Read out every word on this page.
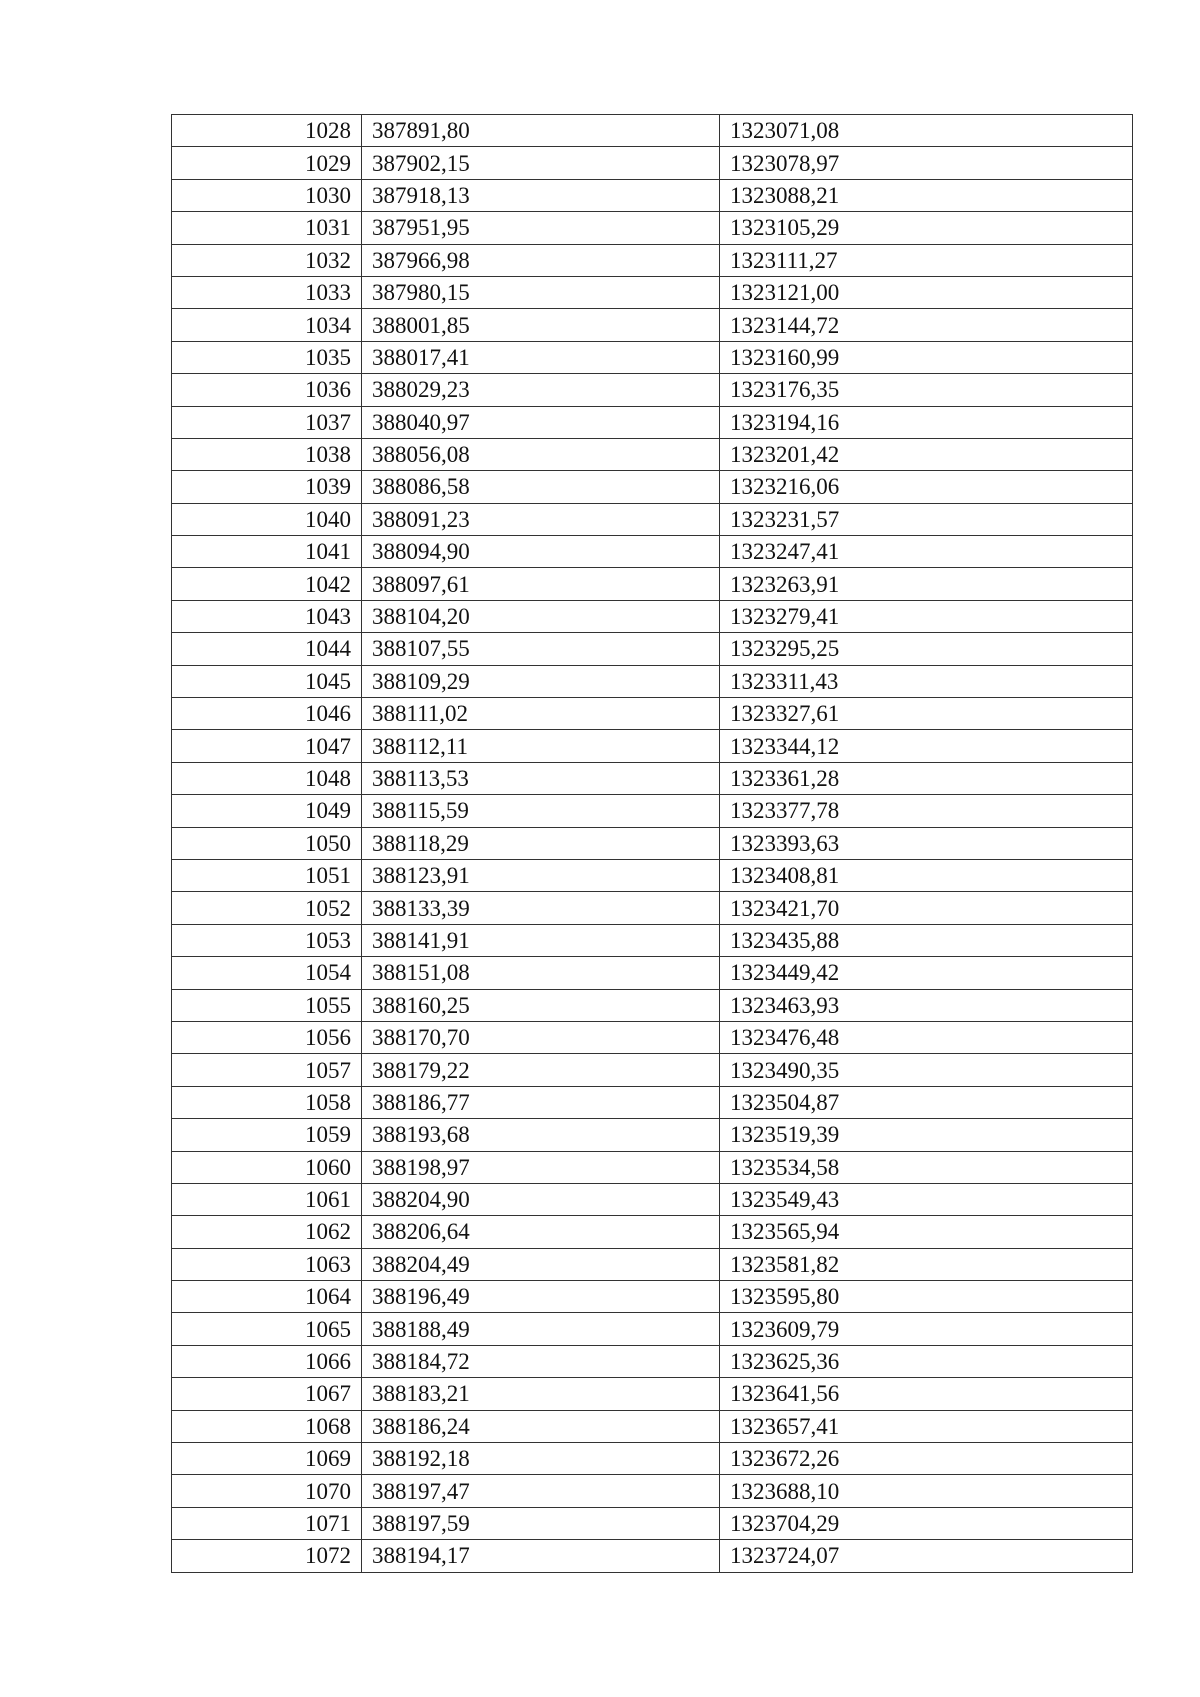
1028	387891,80	1323071,08
1029	387902,15	1323078,97
1030	387918,13	1323088,21
1031	387951,95	1323105,29
1032	387966,98	1323111,27
1033	387980,15	1323121,00
1034	388001,85	1323144,72
1035	388017,41	1323160,99
1036	388029,23	1323176,35
1037	388040,97	1323194,16
1038	388056,08	1323201,42
1039	388086,58	1323216,06
1040	388091,23	1323231,57
1041	388094,90	1323247,41
1042	388097,61	1323263,91
1043	388104,20	1323279,41
1044	388107,55	1323295,25
1045	388109,29	1323311,43
1046	388111,02	1323327,61
1047	388112,11	1323344,12
1048	388113,53	1323361,28
1049	388115,59	1323377,78
1050	388118,29	1323393,63
1051	388123,91	1323408,81
1052	388133,39	1323421,70
1053	388141,91	1323435,88
1054	388151,08	1323449,42
1055	388160,25	1323463,93
1056	388170,70	1323476,48
1057	388179,22	1323490,35
1058	388186,77	1323504,87
1059	388193,68	1323519,39
1060	388198,97	1323534,58
1061	388204,90	1323549,43
1062	388206,64	1323565,94
1063	388204,49	1323581,82
1064	388196,49	1323595,80
1065	388188,49	1323609,79
1066	388184,72	1323625,36
1067	388183,21	1323641,56
1068	388186,24	1323657,41
1069	388192,18	1323672,26
1070	388197,47	1323688,10
1071	388197,59	1323704,29
1072	388194,17	1323724,07
